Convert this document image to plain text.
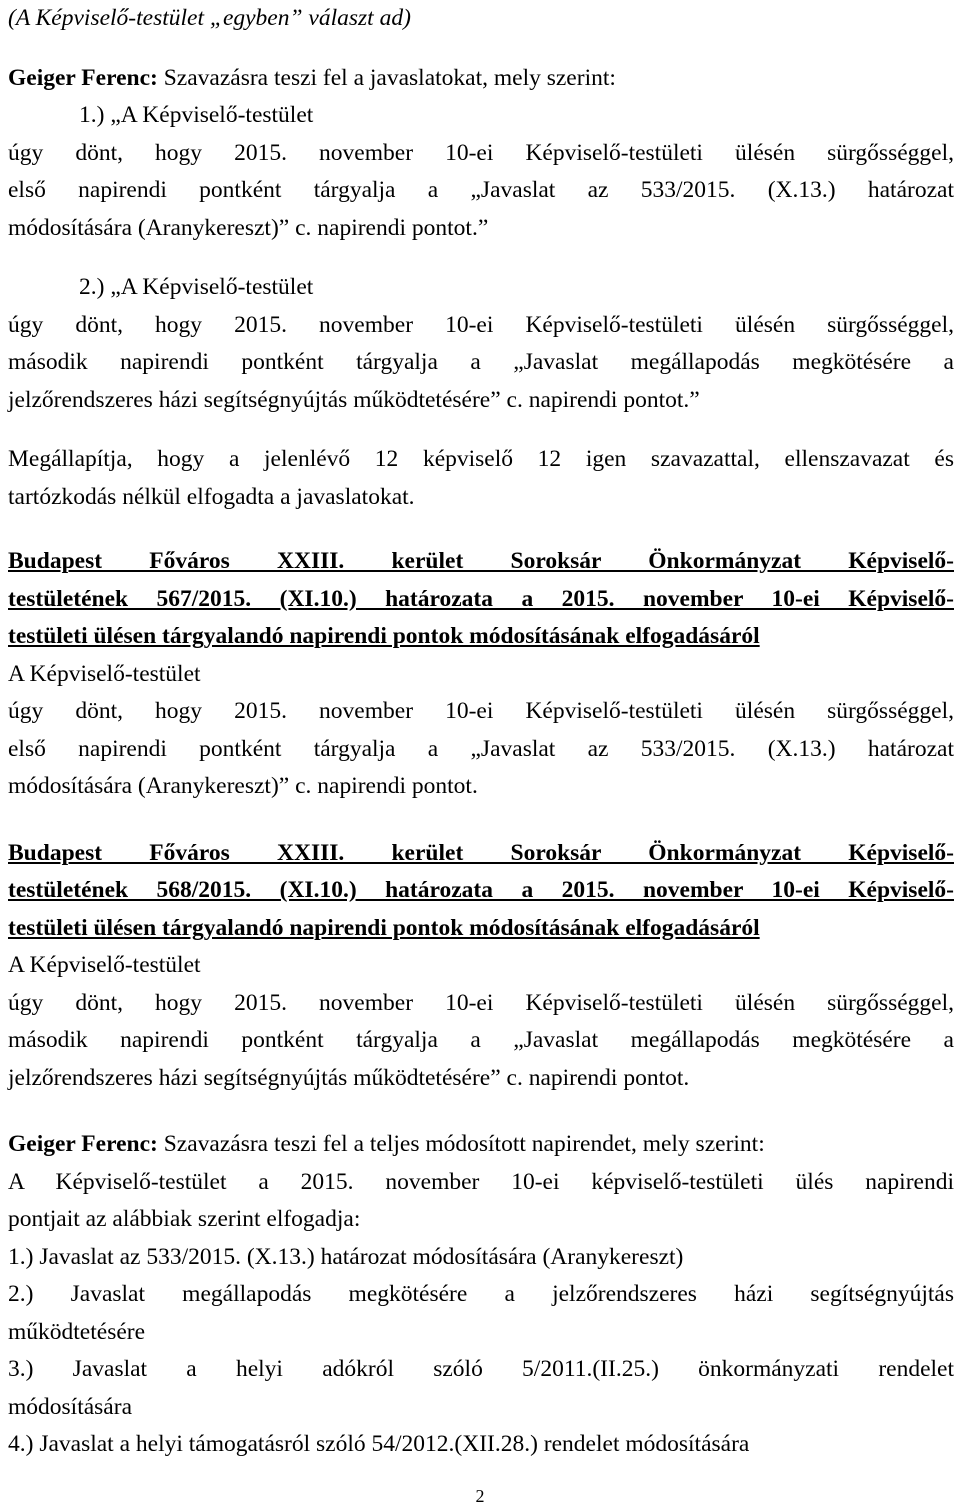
(A Képviselő-testület „egyben” választ ad)
Geiger Ferenc: Szavazásra teszi fel a javaslatokat, mely szerint:
1.) „A Képviselő-testület
úgy dönt, hogy 2015. november 10-ei Képviselő-testületi ülésén sürgősséggel,
első napirendi pontként tárgyalja a „Javaslat az 533/2015. (X.13.) határozat
módosítására (Aranykereszt)” c. napirendi pontot.”
2.) „A Képviselő-testület
úgy dönt, hogy 2015. november 10-ei Képviselő-testületi ülésén sürgősséggel,
második napirendi pontként tárgyalja a „Javaslat megállapodás megkötésére a
jelzőrendszeres házi segítségnyújtás működtetésére” c. napirendi pontot.”
Megállapítja, hogy a jelenlévő 12 képviselő 12 igen szavazattal, ellenszavazat és
tartózkodás nélkül elfogadta a javaslatokat.
Budapest Főváros XXIII. kerület Soroksár Önkormányzat Képviselő-
testületének 567/2015. (XI.10.) határozata a 2015. november 10-ei Képviselő-
testületi ülésen tárgyalandó napirendi pontok módosításának elfogadásáról
A Képviselő-testület
úgy dönt, hogy 2015. november 10-ei Képviselő-testületi ülésén sürgősséggel,
első napirendi pontként tárgyalja a „Javaslat az 533/2015. (X.13.) határozat
módosítására (Aranykereszt)” c. napirendi pontot.
Budapest Főváros XXIII. kerület Soroksár Önkormányzat Képviselő-
testületének 568/2015. (XI.10.) határozata a 2015. november 10-ei Képviselő-
testületi ülésen tárgyalandó napirendi pontok módosításának elfogadásáról
A Képviselő-testület
úgy dönt, hogy 2015. november 10-ei Képviselő-testületi ülésén sürgősséggel,
második napirendi pontként tárgyalja a „Javaslat megállapodás megkötésére a
jelzőrendszeres házi segítségnyújtás működtetésére” c. napirendi pontot.
Geiger Ferenc: Szavazásra teszi fel a teljes módosított napirendet, mely szerint:
A Képviselő-testület a 2015. november 10-ei képviselő-testületi ülés napirendi
pontjait az alábbiak szerint elfogadja:
1.) Javaslat az 533/2015. (X.13.) határozat módosítására (Aranykereszt)
2.) Javaslat megállapodás megkötésére a jelzőrendszeres házi segítségnyújtás
működtetésére
3.) Javaslat a helyi adókról szóló 5/2011.(II.25.) önkormányzati rendelet
módosítására
4.) Javaslat a helyi támogatásról szóló 54/2012.(XII.28.) rendelet módosítására
2
